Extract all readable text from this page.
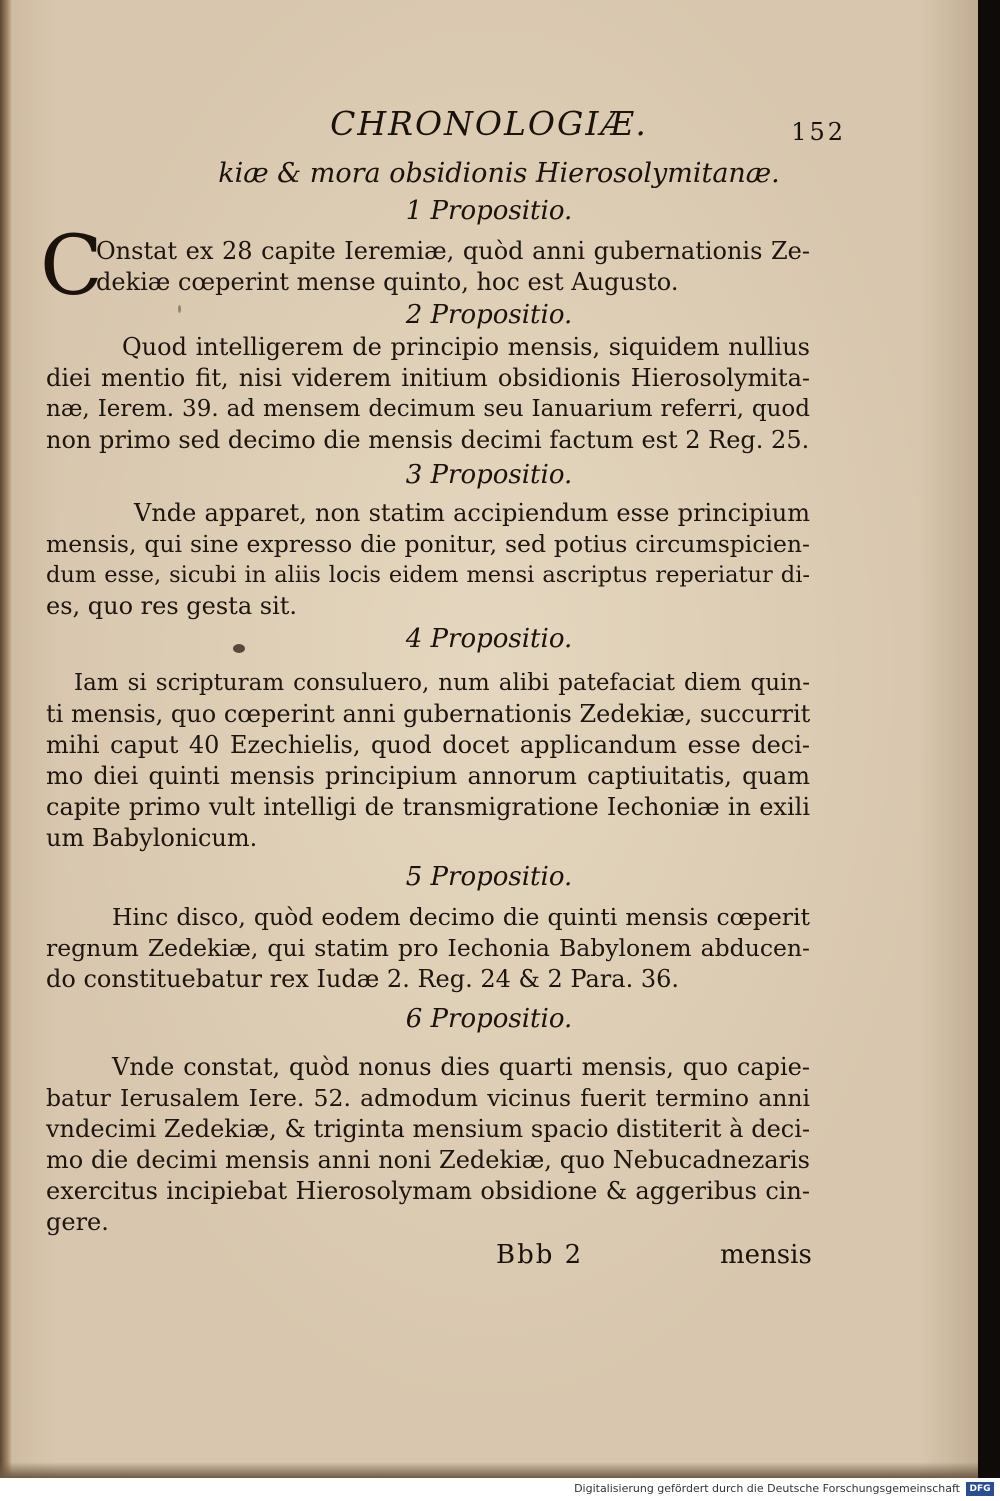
CHRONOLOGIÆ.	152
kiæ & mora obsidionis Hierosolymitanæ.
1 Propositio.
C
Onstat ex 28 capite Ieremiæ, quòd anni gubernationis Ze-
dekiæ cœperint mense quinto, hoc est Augusto.
2 Propositio.
Quod intelligerem de principio mensis, siquidem nullius
diei mentio fit, nisi viderem initium obsidionis Hierosolymita-
næ, Ierem. 39. ad mensem decimum seu Ianuarium referri, quod
non primo sed decimo die mensis decimi factum est 2 Reg. 25.
3 Propositio.
Vnde apparet, non statim accipiendum esse principium
mensis, qui sine expresso die ponitur, sed potius circumspicien-
dum esse, sicubi in aliis locis eidem mensi ascriptus reperiatur di-
es, quo res gesta sit.
4 Propositio.
Iam si scripturam consuluero, num alibi patefaciat diem quin-
ti mensis, quo cœperint anni gubernationis Zedekiæ, succurrit
mihi caput 40 Ezechielis, quod docet applicandum esse deci-
mo diei quinti mensis principium annorum captiuitatis, quam
capite primo vult intelligi de transmigratione Iechoniæ in exili
um Babylonicum.
5 Propositio.
Hinc disco, quòd eodem decimo die quinti mensis cœperit
regnum Zedekiæ, qui statim pro Iechonia Babylonem abducen-
do constituebatur rex Iudæ 2. Reg. 24 & 2 Para. 36.
6 Propositio.
Vnde constat, quòd nonus dies quarti mensis, quo capie-
batur Ierusalem Iere. 52. admodum vicinus fuerit termino anni
vndecimi Zedekiæ, & triginta mensium spacio distiterit à deci-
mo die decimi mensis anni noni Zedekiæ, quo Nebucadnezaris
exercitus incipiebat Hierosolymam obsidione & aggeribus cin-
gere.
Bbb 2	mensis
Digitalisierung gefördert durch die Deutsche Forschungsgemeinschaft	DFG
